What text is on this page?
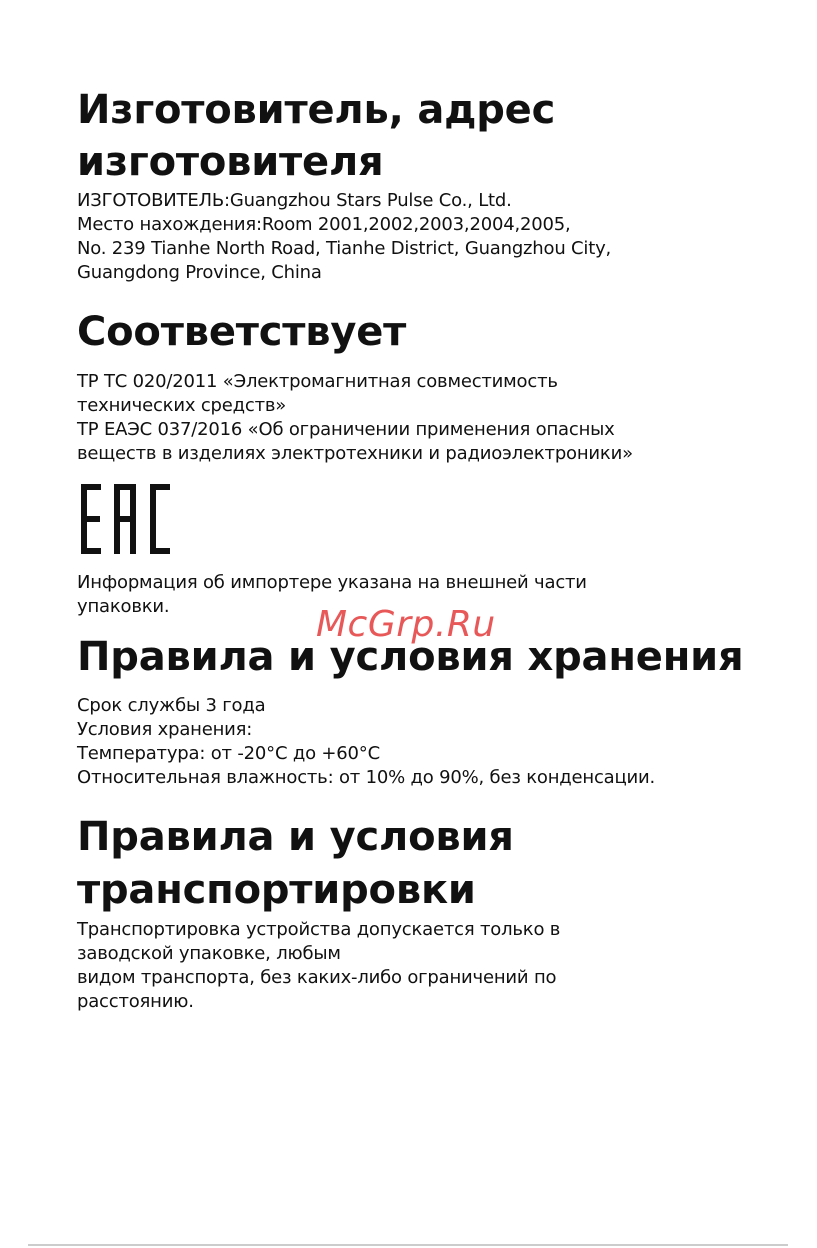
Изготовитель, адрес
изготовителя
ИЗГОТОВИТЕЛЬ:Guangzhou Stars Pulse Co., Ltd.
Место нахождения:Room 2001,2002,2003,2004,2005,
No. 239 Tianhe North Road, Tianhe District, Guangzhou City,
Guangdong Province, China
Соответствует
ТР ТС 020/2011 «Электромагнитная совместимость
технических средств»
ТР ЕАЭС 037/2016 «Об ограничении применения опасных
веществ в изделиях электротехники и радиоэлектроники»
Информация об импортере указана на внешней части
упаковки.
Правила и условия хранения
Срок службы 3 года
Условия хранения:
Температура: от -20°C до +60°C
Относительная влажность: от 10% до 90%, без конденсации.
Правила и условия
транспортировки
Транспортировка устройства допускается только в
заводской упаковке, любым
видом транспорта, без каких-либо ограничений по
расстоянию.
McGrp.Ru
